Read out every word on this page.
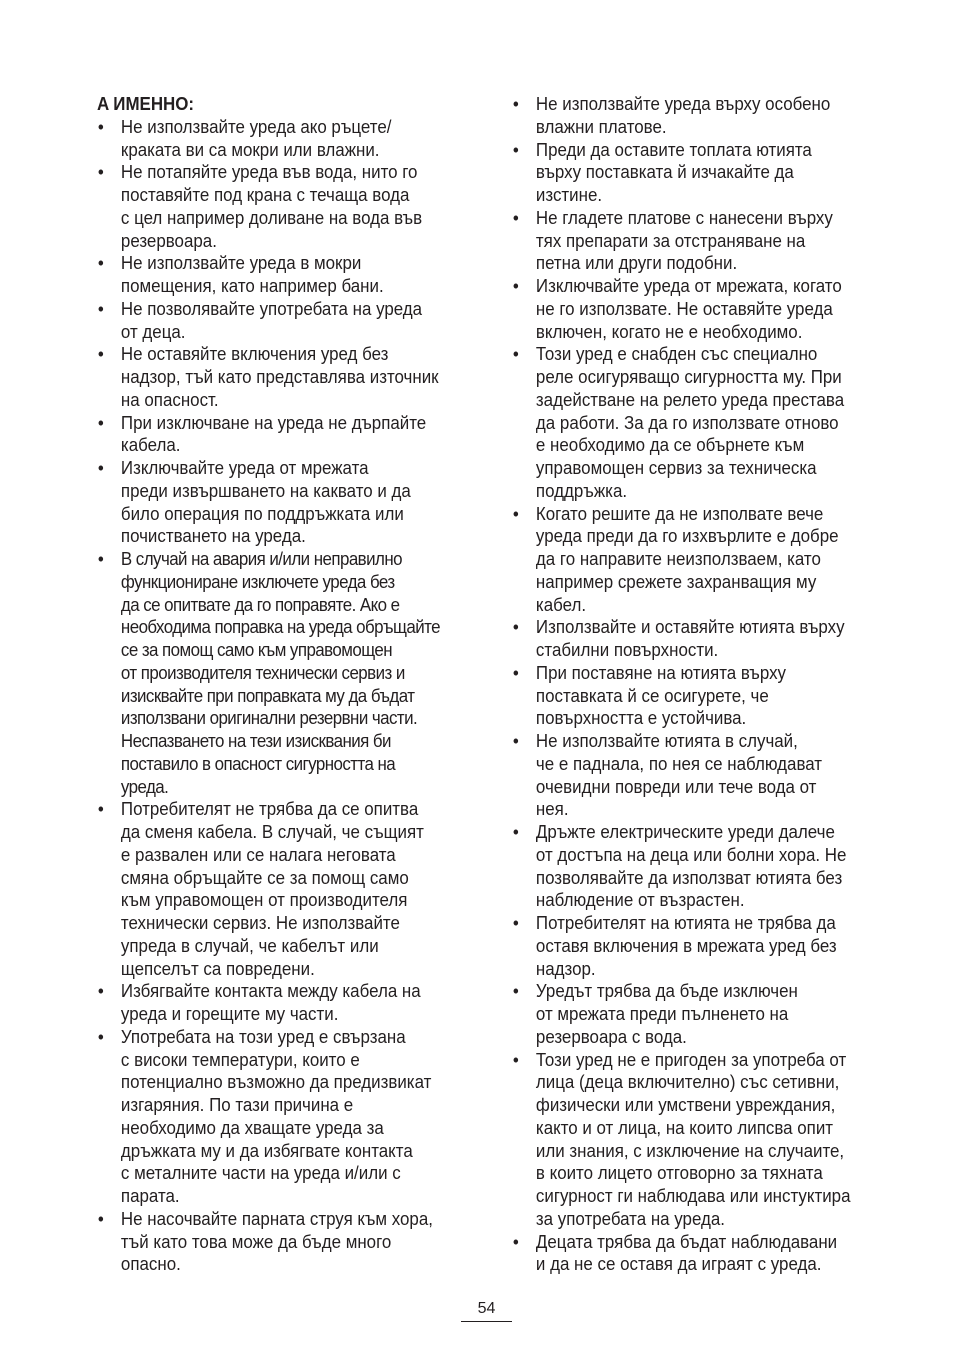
A ИМЕННО:

• Не използвайте уреда ако ръцете/
краката ви са мокри или влажни.
• Не потапяйте уреда във вода, нито го
поставяйте под крана с течаща вода
с цел например доливане на вода във
резервоара.
• Не използвайте уреда в мокри
помещения, като например бани.
• Не позволявайте употребата на уреда
от деца.
• Не оставяйте включения уред без
надзор, тъй като представлява източник
на опасност.
• При изключване на уреда не дърпайте
кабела.
• Изключвайте уреда от мрежата
преди извършването на каквато и да
било операция по поддръжката или
почистването на уреда.
• В случай на авария и/или неправилно
функциониране изключете уреда без
да се опитвате да го поправяте. Ако е
необходима поправка на уреда обръщайте
се за помощ само към управомощен
от производителя технически сервиз и
изисквайте при поправката му да бъдат
използвани оригинални резервни части.
Неспазването на тези изисквания би
поставило в опасност сигурността на
уреда.
• Потребителят не трябва да се опитва
да сменя кабела. В случай, че същият
е развален или се налага неговата
смяна обръщайте се за помощ само
към управомощен от производителя
технически сервиз. Не използвайте
упреда в случай, че кабелът или
щепселът са повредени.
• Избягвайте контакта между кабела на
уреда и горещите му части.
• Употребата на този уред е свързана
с високи температури, които е
потенциално възможно да предизвикат
изгаряния. По тази причина е
необходимо да хващате уреда за
дръжката му и да избягвате контакта
с металните части на уреда и/или с
парата.
• Не насочвайте парната струя към хора,
тъй като това може да бъде много
опасно.
• Не използвайте уреда върху особено
влажни платове.
• Преди да оставите топлата ютията
върху поставката й изчакайте да
изстине.
• Не гладете платове с нанесени върху
тях препарати за отстраняване на
петна или други подобни.
• Изключвайте уреда от мрежата, когато
не го използвате. Не оставяйте уреда
включен, когато не е необходимо.
• Този уред е снабден със специално
реле осигуряващо сигурността му. При
задействане на релето уреда престава
да работи. За да го използвате отново
е необходимо да се обърнете към
управомощен сервиз за техническа
поддръжка.
• Когато решите да не изполвате вече
уреда преди да го изхвърлите е добре
да го направите неизползваем, като
например срежете захранващия му
кабел.
• Използвайте и оставяйте ютията върху
стабилни повърхности.
• При поставяне на ютията върху
поставката й се осигурете, че
повърхността е устойчива.
• Не използвайте ютията в случай,
че е паднала, по нея се наблюдават
очевидни повреди или тече вода от
нея.
• Дръжте електрическите уреди далече
от достъпа на деца или болни хора. Не
позволявайте да използват ютията без
наблюдение от възрастен.
• Потребителят на ютията не трябва да
оставя включения в мрежата уред без
надзор.
• Уредът трябва да бъде изключен
от мрежата преди пълненето на
резервоара с вода.
• Този уред не е пригоден за употреба от
лица (деца включително) със сетивни,
физически или умствени увреждания,
както и от лица, на които липсва опит
или знания, с изключение на случаите,
в които лицето отговорно за тяхната
сигурност ги наблюдава или инстуктира
за употребата на уреда.
• Децата трябва да бъдат наблюдавани
и да не се оставя да играят с уреда.
54
